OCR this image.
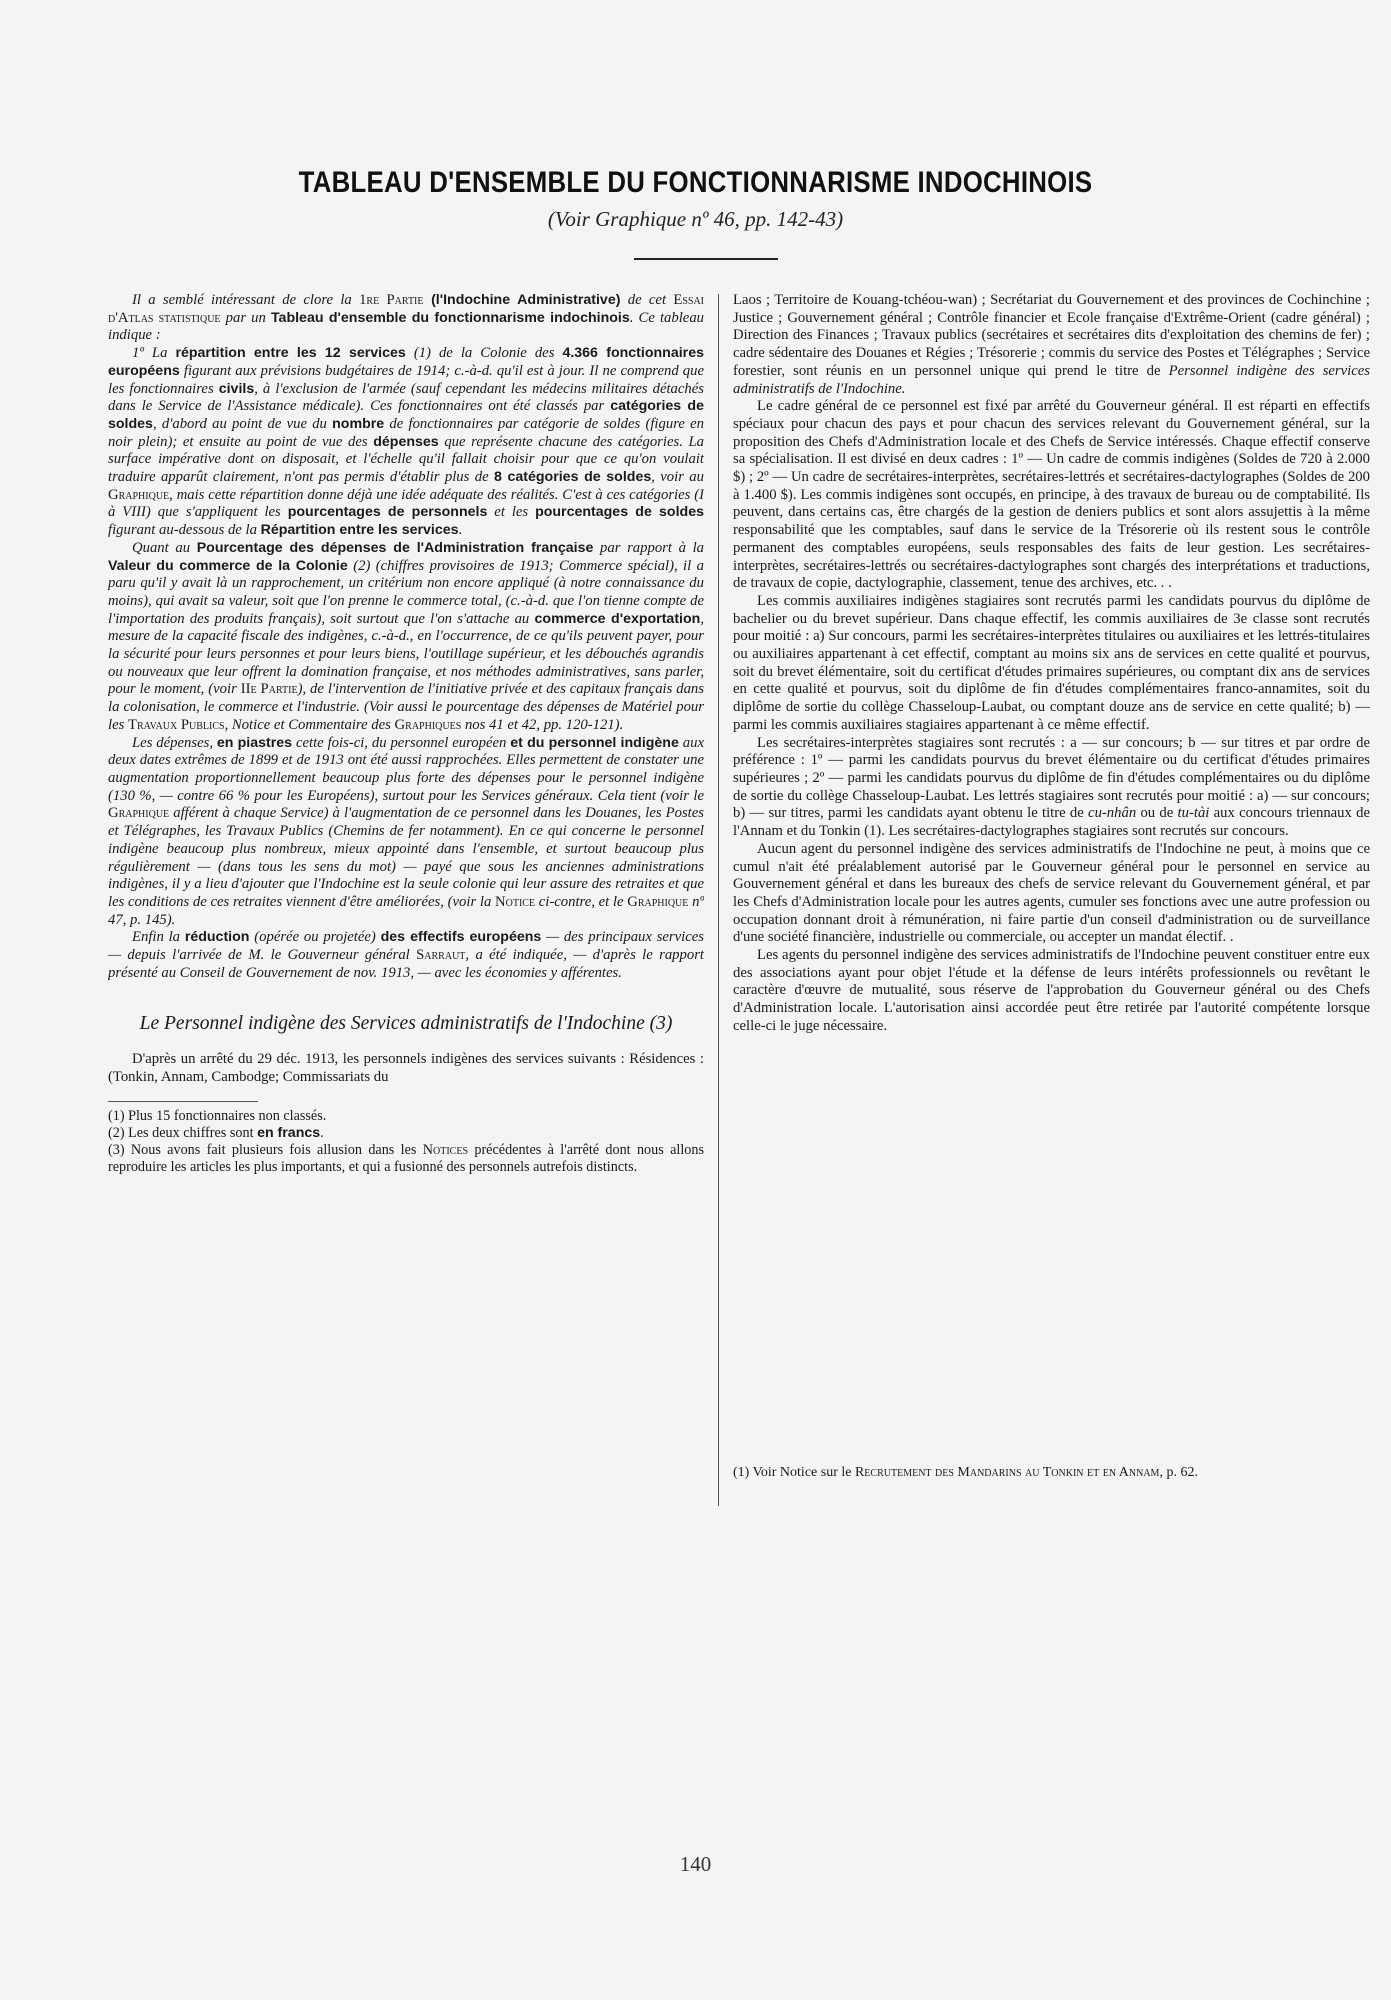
TABLEAU D'ENSEMBLE DU FONCTIONNARISME INDOCHINOIS
(Voir Graphique nº 46, pp. 142-43)

Il a semblé intéressant de clore la 1re Partie (l'Indochine Administrative) de cet Essai d'Atlas statistique par un Tableau d'ensemble du fonctionnarisme indochinois. Ce tableau indique :

1º La répartition entre les 12 services (1) de la Colonie des 4.366 fonctionnaires européens figurant aux prévisions budgétaires de 1914; c.-à-d. qu'il est à jour. Il ne comprend que les fonctionnaires civils, à l'exclusion de l'armée (sauf cependant les médecins militaires détachés dans le Service de l'Assistance médicale). Ces fonctionnaires ont été classés par catégories de soldes, d'abord au point de vue du nombre de fonctionnaires par catégorie de soldes (figure en noir plein); et ensuite au point de vue des dépenses que représente chacune des catégories. La surface impérative dont on disposait, et l'échelle qu'il fallait choisir pour que ce qu'on voulait traduire apparût clairement, n'ont pas permis d'établir plus de 8 catégories de soldes, voir au Graphique, mais cette répartition donne déjà une idée adéquate des réalités. C'est à ces catégories (I à VIII) que s'appliquent les pourcentages de personnels et les pourcentages de soldes figurant au-dessous de la Répartition entre les services.

Quant au Pourcentage des dépenses de l'Administration française par rapport à la Valeur du commerce de la Colonie (2) (chiffres provisoires de 1913; Commerce spécial), il a paru qu'il y avait là un rapprochement, un critérium non encore appliqué (à notre connaissance du moins), qui avait sa valeur, soit que l'on prenne le commerce total, (c.-à-d. que l'on tienne compte de l'importation des produits français), soit surtout que l'on s'attache au commerce d'exportation, mesure de la capacité fiscale des indigènes, c.-à-d., en l'occurrence, de ce qu'ils peuvent payer, pour la sécurité pour leurs personnes et pour leurs biens, l'outillage supérieur, et les débouchés agrandis ou nouveaux que leur offrent la domination française, et nos méthodes administratives, sans parler, pour le moment, (voir IIe Partie), de l'intervention de l'initiative privée et des capitaux français dans la colonisation, le commerce et l'industrie. (Voir aussi le pourcentage des dépenses de Matériel pour les Travaux Publics, Notice et Commentaire des Graphiques nos 41 et 42, pp. 120-121).

Les dépenses, en piastres cette fois-ci, du personnel européen et du personnel indigène aux deux dates extrêmes de 1899 et de 1913 ont été aussi rapprochées. Elles permettent de constater une augmentation proportionnellement beaucoup plus forte des dépenses pour le personnel indigène (130 %, — contre 66 % pour les Européens), surtout pour les Services généraux. Cela tient (voir le Graphique afférent à chaque Service) à l'augmentation de ce personnel dans les Douanes, les Postes et Télégraphes, les Travaux Publics (Chemins de fer notamment). En ce qui concerne le personnel indigène beaucoup plus nombreux, mieux appointé dans l'ensemble, et surtout beaucoup plus régulièrement — (dans tous les sens du mot) — payé que sous les anciennes administrations indigènes, il y a lieu d'ajouter que l'Indochine est la seule colonie qui leur assure des retraites et que les conditions de ces retraites viennent d'être améliorées, (voir la Notice ci-contre, et le Graphique nº 47, p. 145).

Enfin la réduction (opérée ou projetée) des effectifs européens — des principaux services — depuis l'arrivée de M. le Gouverneur général Sarraut, a été indiquée, — d'après le rapport présenté au Conseil de Gouvernement de nov. 1913, — avec les économies y afférentes.

Le Personnel indigène des Services administratifs de l'Indochine (3)

D'après un arrêté du 29 déc. 1913, les personnels indigènes des services suivants : Résidences : (Tonkin, Annam, Cambodge; Commissariats du

(1) Plus 15 fonctionnaires non classés.

(2) Les deux chiffres sont en francs.

(3) Nous avons fait plusieurs fois allusion dans les Notices précédentes à l'arrêté dont nous allons reproduire les articles les plus importants, et qui a fusionné des personnels autrefois distincts.

Laos ; Territoire de Kouang-tchéou-wan) ; Secrétariat du Gouvernement et des provinces de Cochinchine ; Justice ; Gouvernement général ; Contrôle financier et Ecole française d'Extrême-Orient (cadre général) ; Direction des Finances ; Travaux publics (secrétaires et secrétaires dits d'exploitation des chemins de fer) ; cadre sédentaire des Douanes et Régies ; Trésorerie ; commis du service des Postes et Télégraphes ; Service forestier, sont réunis en un personnel unique qui prend le titre de Personnel indigène des services administratifs de l'Indochine.

Le cadre général de ce personnel est fixé par arrêté du Gouverneur général. Il est réparti en effectifs spéciaux pour chacun des pays et pour chacun des services relevant du Gouvernement général, sur la proposition des Chefs d'Administration locale et des Chefs de Service intéressés. Chaque effectif conserve sa spécialisation. Il est divisé en deux cadres : 1º — Un cadre de commis indigènes (Soldes de 720 à 2.000 $) ; 2º — Un cadre de secrétaires-interprètes, secrétaires-lettrés et secrétaires-dactylographes (Soldes de 200 à 1.400 $). Les commis indigènes sont occupés, en principe, à des travaux de bureau ou de comptabilité. Ils peuvent, dans certains cas, être chargés de la gestion de deniers publics et sont alors assujettis à la même responsabilité que les comptables, sauf dans le service de la Trésorerie où ils restent sous le contrôle permanent des comptables européens, seuls responsables des faits de leur gestion. Les secrétaires-interprètes, secrétaires-lettrés ou secrétaires-dactylographes sont chargés des interprétations et traductions, de travaux de copie, dactylographie, classement, tenue des archives, etc. . .

Les commis auxiliaires indigènes stagiaires sont recrutés parmi les candidats pourvus du diplôme de bachelier ou du brevet supérieur. Dans chaque effectif, les commis auxiliaires de 3e classe sont recrutés pour moitié : a) Sur concours, parmi les secrétaires-interprètes titulaires ou auxiliaires et les lettrés-titulaires ou auxiliaires appartenant à cet effectif, comptant au moins six ans de services en cette qualité et pourvus, soit du brevet élémentaire, soit du certificat d'études primaires supérieures, ou comptant dix ans de services en cette qualité et pourvus, soit du diplôme de fin d'études complémentaires franco-annamites, soit du diplôme de sortie du collège Chasseloup-Laubat, ou comptant douze ans de service en cette qualité; b) — parmi les commis auxiliaires stagiaires appartenant à ce même effectif.

Les secrétaires-interprètes stagiaires sont recrutés : a — sur concours; b — sur titres et par ordre de préférence : 1º — parmi les candidats pourvus du brevet élémentaire ou du certificat d'études primaires supérieures ; 2º — parmi les candidats pourvus du diplôme de fin d'études complémentaires ou du diplôme de sortie du collège Chasseloup-Laubat. Les lettrés stagiaires sont recrutés pour moitié : a) — sur concours; b) — sur titres, parmi les candidats ayant obtenu le titre de cu-nhân ou de tu-tài aux concours triennaux de l'Annam et du Tonkin (1). Les secrétaires-dactylographes stagiaires sont recrutés sur concours.

Aucun agent du personnel indigène des services administratifs de l'Indochine ne peut, à moins que ce cumul n'ait été préalablement autorisé par le Gouverneur général pour le personnel en service au Gouvernement général et dans les bureaux des chefs de service relevant du Gouvernement général, et par les Chefs d'Administration locale pour les autres agents, cumuler ses fonctions avec une autre profession ou occupation donnant droit à rémunération, ni faire partie d'un conseil d'administration ou de surveillance d'une société financière, industrielle ou commerciale, ou accepter un mandat électif. .

Les agents du personnel indigène des services administratifs de l'Indochine peuvent constituer entre eux des associations ayant pour objet l'étude et la défense de leurs intérêts professionnels ou revêtant le caractère d'œuvre de mutualité, sous réserve de l'approbation du Gouverneur général ou des Chefs d'Administration locale. L'autorisation ainsi accordée peut être retirée par l'autorité compétente lorsque celle-ci le juge nécessaire.

(1) Voir Notice sur le Recrutement des Mandarins au Tonkin et en Annam, p. 62.
140
